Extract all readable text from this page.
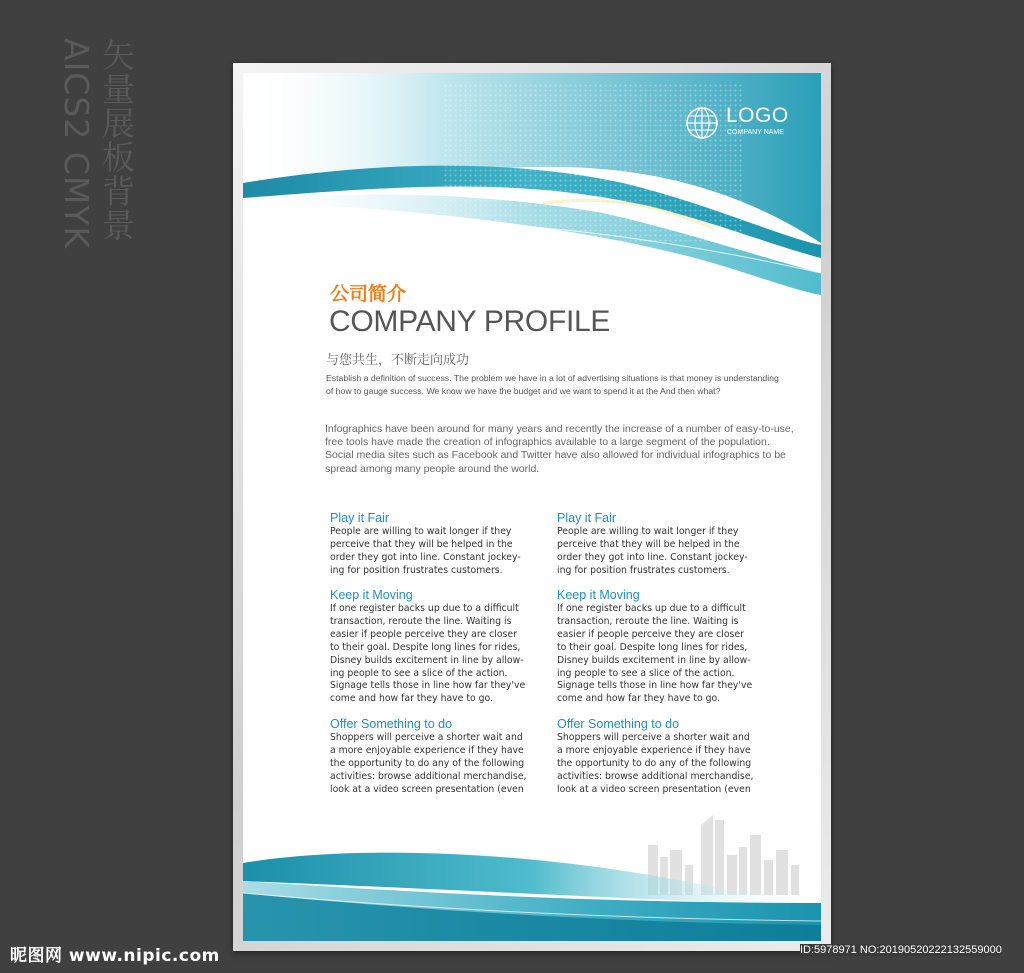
矢量展板背景
AICS2 CMYK	LOGO
COMPANY NAME
公司简介
COMPANY PROFILE
与您共生，不断走向成功
Establish a definition of success. The problem we have in a lot of advertising situations is that money is understanding of how to gauge success. We know we have the budget and we want to spend it at the And then what?
Infographics have been around for many years and recently the increase of a number of easy-to-use, free tools have made the creation of infographics available to a large segment of the population. Social media sites such as Facebook and Twitter have also allowed for individual infographics to be spread among many people around the world.

Play it Fair

People are willing to wait longer if they
perceive that they will be helped in the
order they got into line. Constant jockey-
ing for position frustrates customers.

Keep it Moving

If one register backs up due to a difficult
transaction, reroute the line. Waiting is
easier if people perceive they are closer
to their goal. Despite long lines for rides,
Disney builds excitement in line by allow-
ing people to see a slice of the action.
Signage tells those in line how far they've
come and how far they have to go.

Offer Something to do

Shoppers will perceive a shorter wait and
a more enjoyable experience if they have
the opportunity to do any of the following
activities: browse additional merchandise,
look at a video screen presentation (even

Play it Fair

People are willing to wait longer if they
perceive that they will be helped in the
order they got into line. Constant jockey-
ing for position frustrates customers.

Keep it Moving

If one register backs up due to a difficult
transaction, reroute the line. Waiting is
easier if people perceive they are closer
to their goal. Despite long lines for rides,
Disney builds excitement in line by allow-
ing people to see a slice of the action.
Signage tells those in line how far they've
come and how far they have to go.

Offer Something to do

Shoppers will perceive a shorter wait and
a more enjoyable experience if they have
the opportunity to do any of the following
activities: browse additional merchandise,
look at a video screen presentation (even

昵图网 www.nipic.com	ID:5978971 NO:20190520222132559000
